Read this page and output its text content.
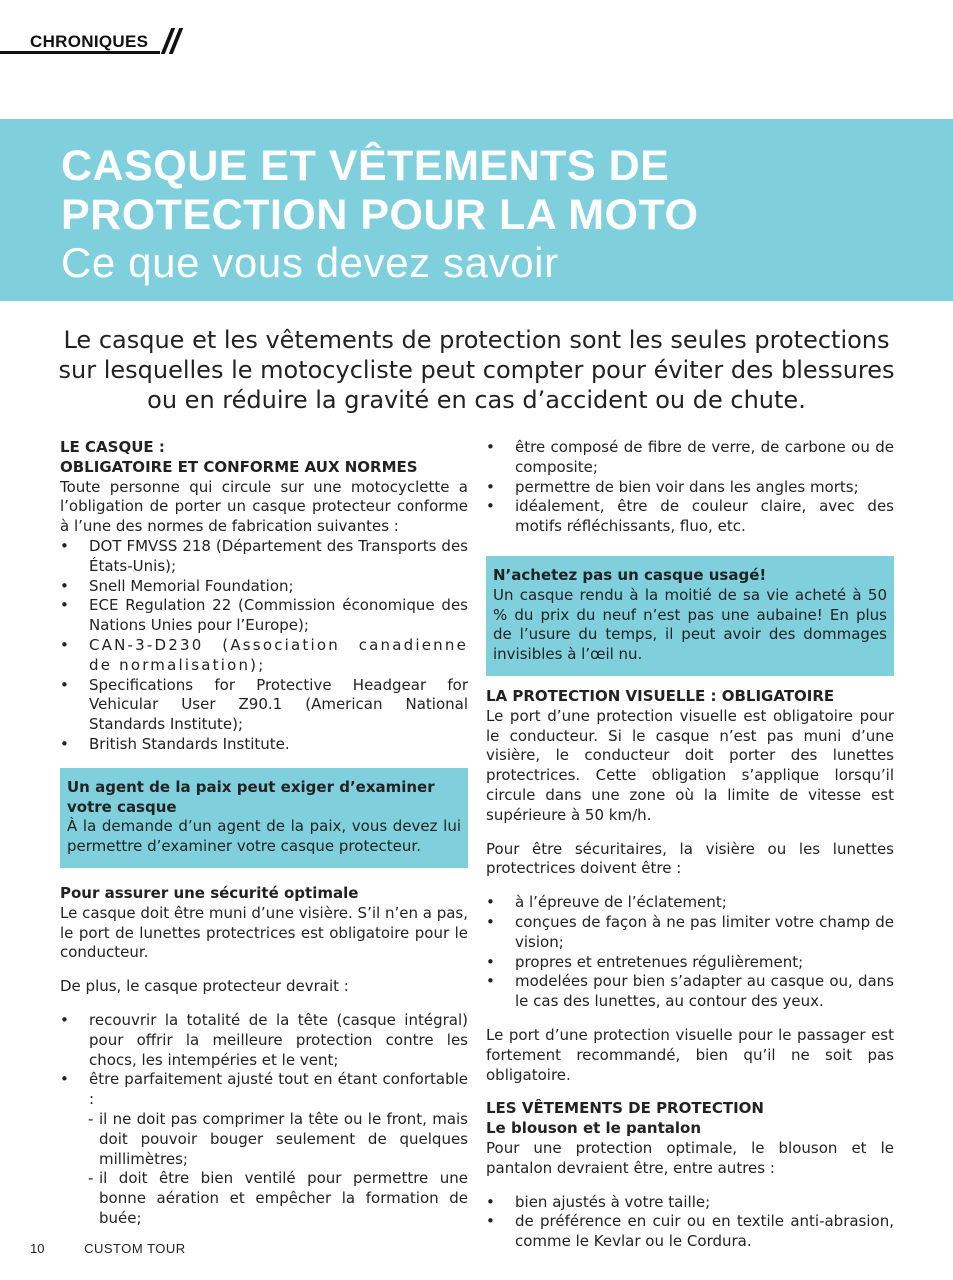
CHRONIQUES
CASQUE ET VÊTEMENTS DE
PROTECTION POUR LA MOTO
Ce que vous devez savoir
Le casque et les vêtements de protection sont les seules protections
sur lesquelles le motocycliste peut compter pour éviter des blessures
ou en réduire la gravité en cas d’accident ou de chute.
LE CASQUE :
OBLIGATOIRE ET CONFORME AUX NORMES
Toute personne qui circule sur une motocyclette a l’obligation de porter un casque protecteur conforme à l’une des normes de fabrication suivantes :
• DOT FMVSS 218 (Département des Transports des États-Unis);
• Snell Memorial Foundation;
• ECE Regulation 22 (Commission économique des Nations Unies pour l’Europe);
• CAN-3-D230 (Association canadienne de normalisation);
• Specifications for Protective Headgear for Vehicular User Z90.1 (American National Standards Institute);
• British Standards Institute.
Un agent de la paix peut exiger d’examiner
votre casque
À la demande d’un agent de la paix, vous devez lui permettre d’examiner votre casque protecteur.
Pour assurer une sécurité optimale
Le casque doit être muni d’une visière. S’il n’en a pas, le port de lunettes protectrices est obligatoire pour le conducteur.
De plus, le casque protecteur devrait :
• recouvrir la totalité de la tête (casque intégral) pour offrir la meilleure protection contre les chocs, les intempéries et le vent;
• être parfaitement ajusté tout en étant confortable :
- il ne doit pas comprimer la tête ou le front, mais doit pouvoir bouger seulement de quelques millimètres;
- il doit être bien ventilé pour permettre une bonne aération et empêcher la formation de buée;
• être composé de fibre de verre, de carbone ou de composite;
• permettre de bien voir dans les angles morts;
• idéalement, être de couleur claire, avec des motifs réfléchissants, fluo, etc.
N’achetez pas un casque usagé!
Un casque rendu à la moitié de sa vie acheté à 50 % du prix du neuf n’est pas une aubaine! En plus de l’usure du temps, il peut avoir des dommages invisibles à l’œil nu.
LA PROTECTION VISUELLE : OBLIGATOIRE
Le port d’une protection visuelle est obligatoire pour le conducteur. Si le casque n’est pas muni d’une visière, le conducteur doit porter des lunettes protectrices. Cette obligation s’applique lorsqu’il circule dans une zone où la limite de vitesse est supérieure à 50 km/h.
Pour être sécuritaires, la visière ou les lunettes protectrices doivent être :
• à l’épreuve de l’éclatement;
• conçues de façon à ne pas limiter votre champ de vision;
• propres et entretenues régulièrement;
• modelées pour bien s’adapter au casque ou, dans le cas des lunettes, au contour des yeux.
Le port d’une protection visuelle pour le passager est fortement recommandé, bien qu’il ne soit pas obligatoire.
LES VÊTEMENTS DE PROTECTION
Le blouson et le pantalon
Pour une protection optimale, le blouson et le pantalon devraient être, entre autres :
• bien ajustés à votre taille;
• de préférence en cuir ou en textile anti-abrasion, comme le Kevlar ou le Cordura.
10	CUSTOM TOUR
